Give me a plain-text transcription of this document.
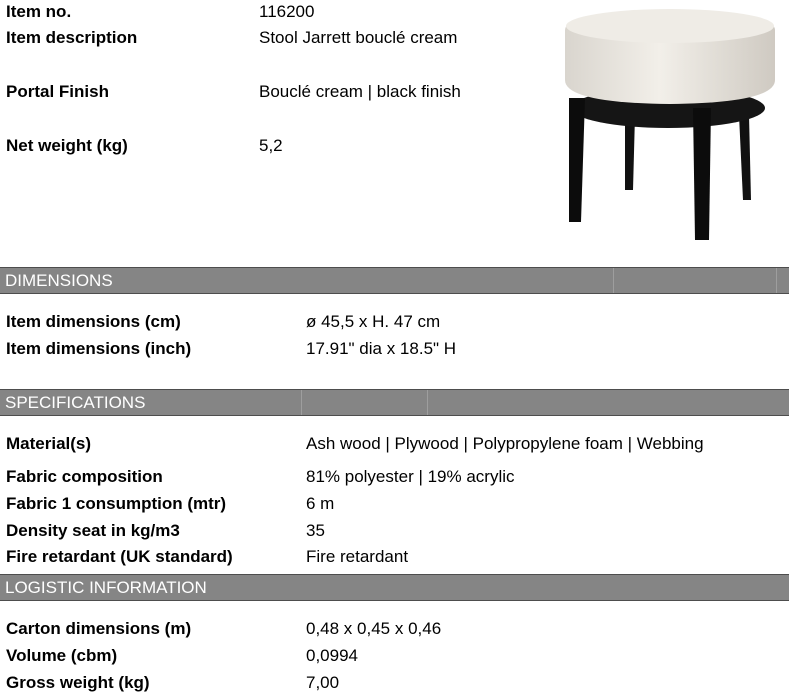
Item no.	116200
Item description	Stool Jarrett bouclé cream
Portal Finish	Bouclé cream | black finish
Net weight (kg)	5,2
DIMENSIONS
Item dimensions (cm)	ø 45,5 x H. 47 cm
Item dimensions (inch)	17.91" dia x 18.5" H
SPECIFICATIONS
Material(s)	Ash wood | Plywood | Polypropylene foam | Webbing
Fabric composition	81% polyester | 19% acrylic
Fabric 1 consumption (mtr)	6 m
Density seat in kg/m3	35
Fire retardant (UK standard)	Fire retardant
LOGISTIC INFORMATION
Carton dimensions (m)	0,48 x 0,45 x 0,46
Volume (cbm)	0,0994
Gross weight (kg)	7,00
